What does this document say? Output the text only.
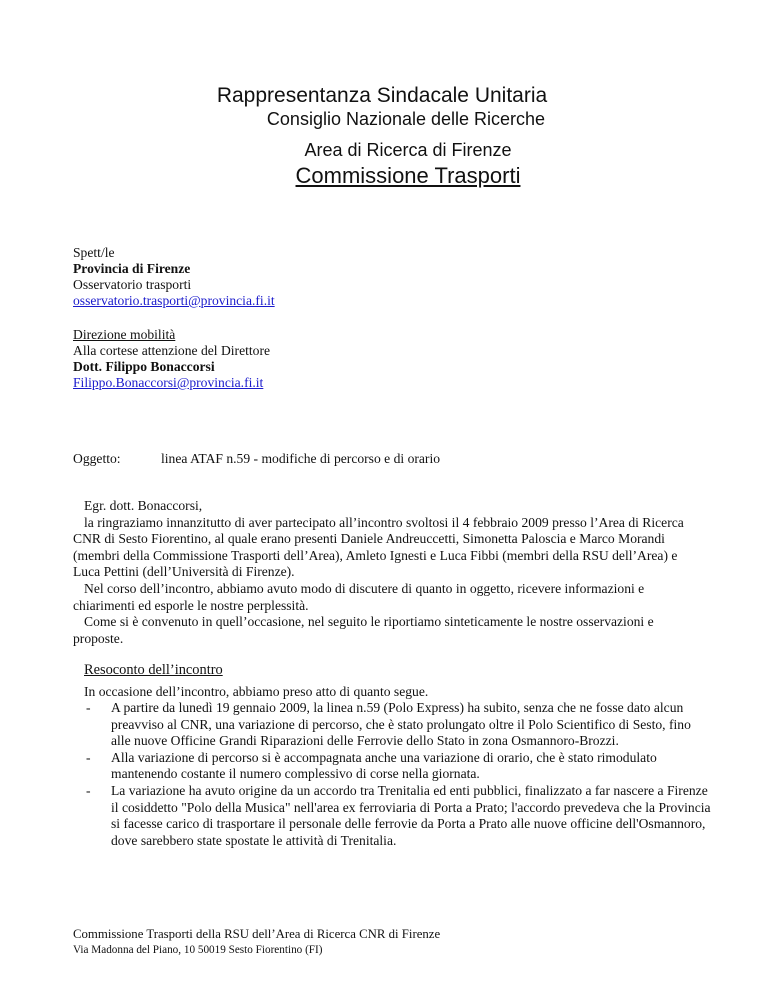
Rappresentanza Sindacale Unitaria
Consiglio Nazionale delle Ricerche
Area di Ricerca di Firenze
Commissione Trasporti
Spett/le
Provincia di Firenze
Osservatorio trasporti
osservatorio.trasporti@provincia.fi.it
Direzione mobilità
Alla cortese attenzione del Direttore
Dott. Filippo Bonaccorsi
Filippo.Bonaccorsi@provincia.fi.it
Oggetto:	linea ATAF n.59 - modifiche di percorso e di orario

Egr. dott. Bonaccorsi,

la ringraziamo innanzitutto di aver partecipato all’incontro svoltosi il 4 febbraio 2009 presso l’Area di Ricerca CNR di Sesto Fiorentino, al quale erano presenti Daniele Andreuccetti, Simonetta Paloscia e Marco Morandi (membri della Commissione Trasporti dell’Area), Amleto Ignesti e Luca Fibbi (membri della RSU dell’Area) e Luca Pettini (dell’Università di Firenze).

Nel corso dell’incontro, abbiamo avuto modo di discutere di quanto in oggetto, ricevere informazioni e chiarimenti ed esporle le nostre perplessità.

Come si è convenuto in quell’occasione, nel seguito le riportiamo sinteticamente le nostre osservazioni e proposte.

Resoconto dell’incontro
In occasione dell’incontro, abbiamo preso atto di quanto segue.
- A partire da lunedì 19 gennaio 2009, la linea n.59 (Polo Express) ha subito, senza che ne fosse dato alcun preavviso al CNR, una variazione di percorso, che è stato prolungato oltre il Polo Scientifico di Sesto, fino alle nuove Officine Grandi Riparazioni delle Ferrovie dello Stato in zona Osmannoro-Brozzi.
- Alla variazione di percorso si è accompagnata anche una variazione di orario, che è stato rimodulato mantenendo costante il numero complessivo di corse nella giornata.
- La variazione ha avuto origine da un accordo tra Trenitalia ed enti pubblici, finalizzato a far nascere a Firenze il cosiddetto "Polo della Musica" nell'area ex ferroviaria di Porta a Prato; l'accordo prevedeva che la Provincia si facesse carico di trasportare il personale delle ferrovie da Porta a Prato alle nuove officine dell'Osmannoro, dove sarebbero state spostate le attività di Trenitalia.
Commissione Trasporti della RSU dell’Area di Ricerca CNR di Firenze
Via Madonna del Piano, 10 50019 Sesto Fiorentino (FI)
